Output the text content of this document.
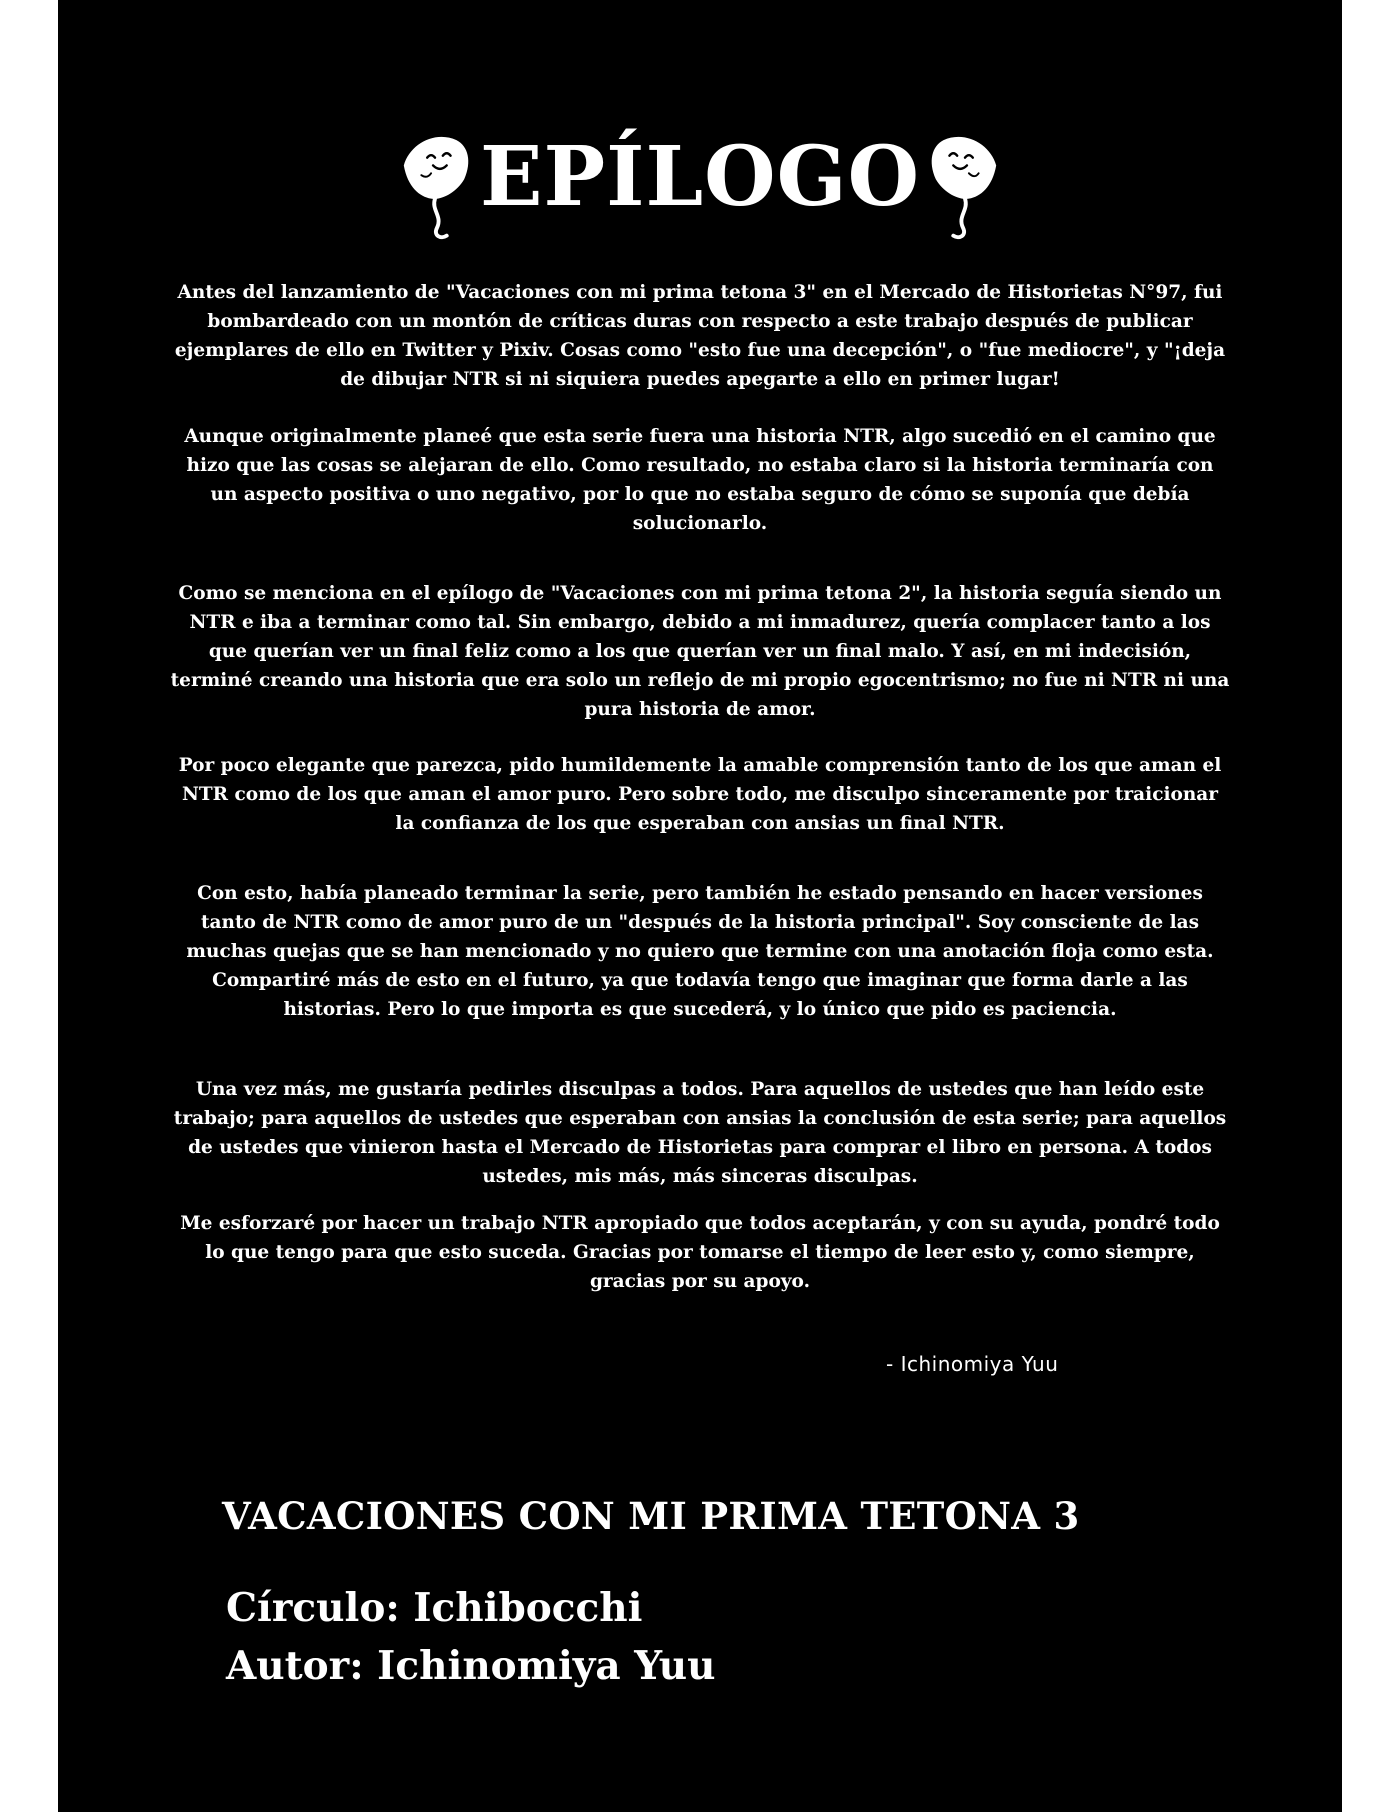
EPÍLOGO

Antes del lanzamiento de "Vacaciones con mi prima tetona 3" en el Mercado de Historietas N°97, fui bombardeado con un montón de críticas duras con respecto a este trabajo después de publicar ejemplares de ello en Twitter y Pixiv. Cosas como "esto fue una decepción", o "fue mediocre", y "¡deja de dibujar NTR si ni siquiera puedes apegarte a ello en primer lugar!

Aunque originalmente planeé que esta serie fuera una historia NTR, algo sucedió en el camino que hizo que las cosas se alejaran de ello. Como resultado, no estaba claro si la historia terminaría con un aspecto positiva o uno negativo, por lo que no estaba seguro de cómo se suponía que debía solucionarlo.

Como se menciona en el epílogo de "Vacaciones con mi prima tetona 2", la historia seguía siendo un NTR e iba a terminar como tal. Sin embargo, debido a mi inmadurez, quería complacer tanto a los que querían ver un final feliz como a los que querían ver un final malo. Y así, en mi indecisión, terminé creando una historia que era solo un reflejo de mi propio egocentrismo; no fue ni NTR ni una pura historia de amor.

Por poco elegante que parezca, pido humildemente la amable comprensión tanto de los que aman el NTR como de los que aman el amor puro. Pero sobre todo, me disculpo sinceramente por traicionar la confianza de los que esperaban con ansias un final NTR.

Con esto, había planeado terminar la serie, pero también he estado pensando en hacer versiones tanto de NTR como de amor puro de un "después de la historia principal". Soy consciente de las muchas quejas que se han mencionado y no quiero que termine con una anotación floja como esta. Compartiré más de esto en el futuro, ya que todavía tengo que imaginar que forma darle a las historias. Pero lo que importa es que sucederá, y lo único que pido es paciencia.

Una vez más, me gustaría pedirles disculpas a todos. Para aquellos de ustedes que han leído este trabajo; para aquellos de ustedes que esperaban con ansias la conclusión de esta serie; para aquellos de ustedes que vinieron hasta el Mercado de Historietas para comprar el libro en persona. A todos ustedes, mis más, más sinceras disculpas.

Me esforzaré por hacer un trabajo NTR apropiado que todos aceptarán, y con su ayuda, pondré todo lo que tengo para que esto suceda. Gracias por tomarse el tiempo de leer esto y, como siempre, gracias por su apoyo.

- Ichinomiya Yuu
VACACIONES CON MI PRIMA TETONA 3
Círculo: Ichibocchi
Autor: Ichinomiya Yuu
